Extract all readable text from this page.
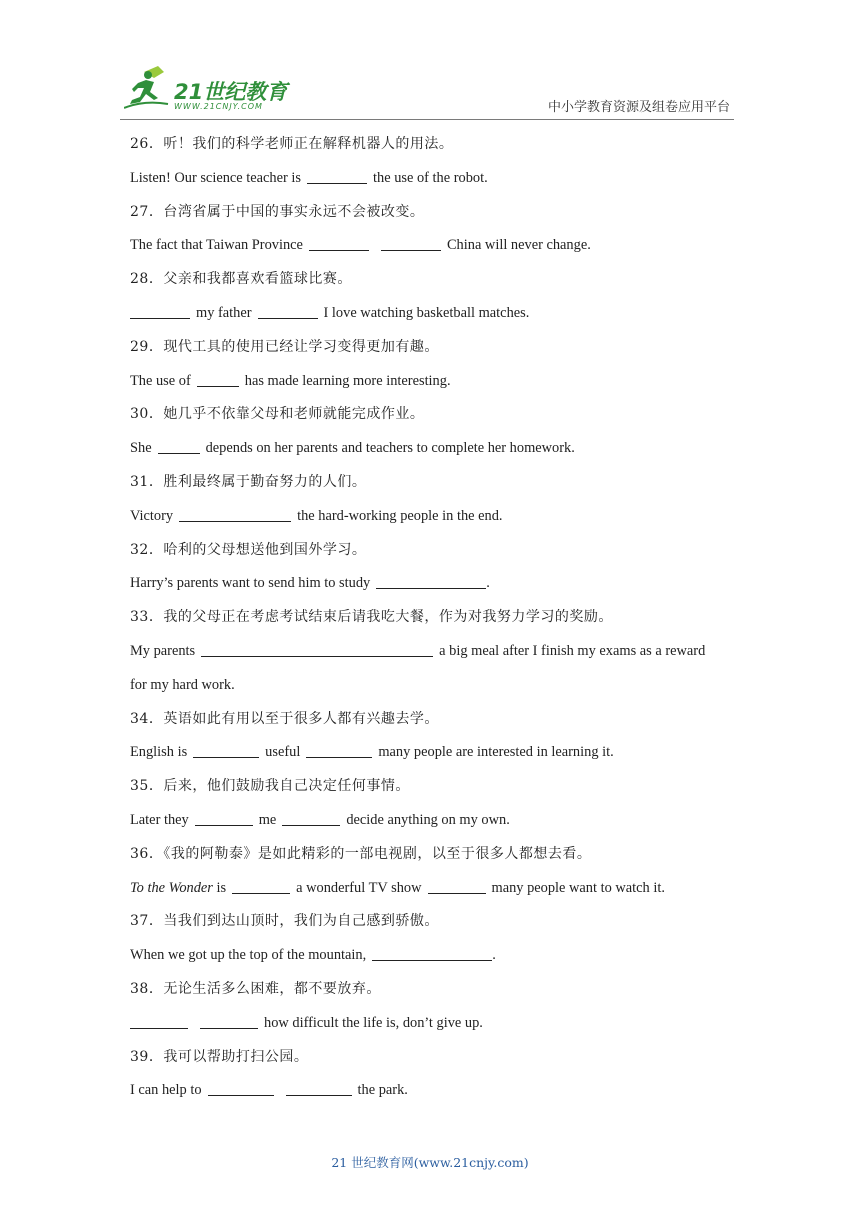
21世纪教育
WWW.21CNJY.COM	中小学教育资源及组卷应用平台
26．听！我们的科学老师正在解释机器人的用法。
Listen! Our science teacher is	the use of the robot.
27．台湾省属于中国的事实永远不会被改变。
The fact that Taiwan Province	China will never change.
28．父亲和我都喜欢看篮球比赛。
my father	I love watching basketball matches.
29．现代工具的使用已经让学习变得更加有趣。
The use of	has made learning more interesting.
30．她几乎不依靠父母和老师就能完成作业。
She	depends on her parents and teachers to complete her homework.
31．胜利最终属于勤奋努力的人们。
Victory	the hard-working people in the end.
32．哈利的父母想送他到国外学习。
Harry’s parents want to send him to study	.
33．我的父母正在考虑考试结束后请我吃大餐，作为对我努力学习的奖励。
My parents	a big meal after I finish my exams as a reward
for my hard work.
34．英语如此有用以至于很多人都有兴趣去学。
English is	useful	many people are interested in learning it.
35．后来，他们鼓励我自己决定任何事情。
Later they	me	decide anything on my own.
36．《我的阿勒泰》是如此精彩的一部电视剧，以至于很多人都想去看。
To the Wonder is	a wonderful TV show	many people want to watch it.
37．当我们到达山顶时，我们为自己感到骄傲。
When we got up the top of the mountain,	.
38．无论生活多么困难，都不要放弃。
how difficult the life is, don’t give up.
39．我可以帮助打扫公园。
I can help to	the park.
21 世纪教育网(www.21cnjy.com)
